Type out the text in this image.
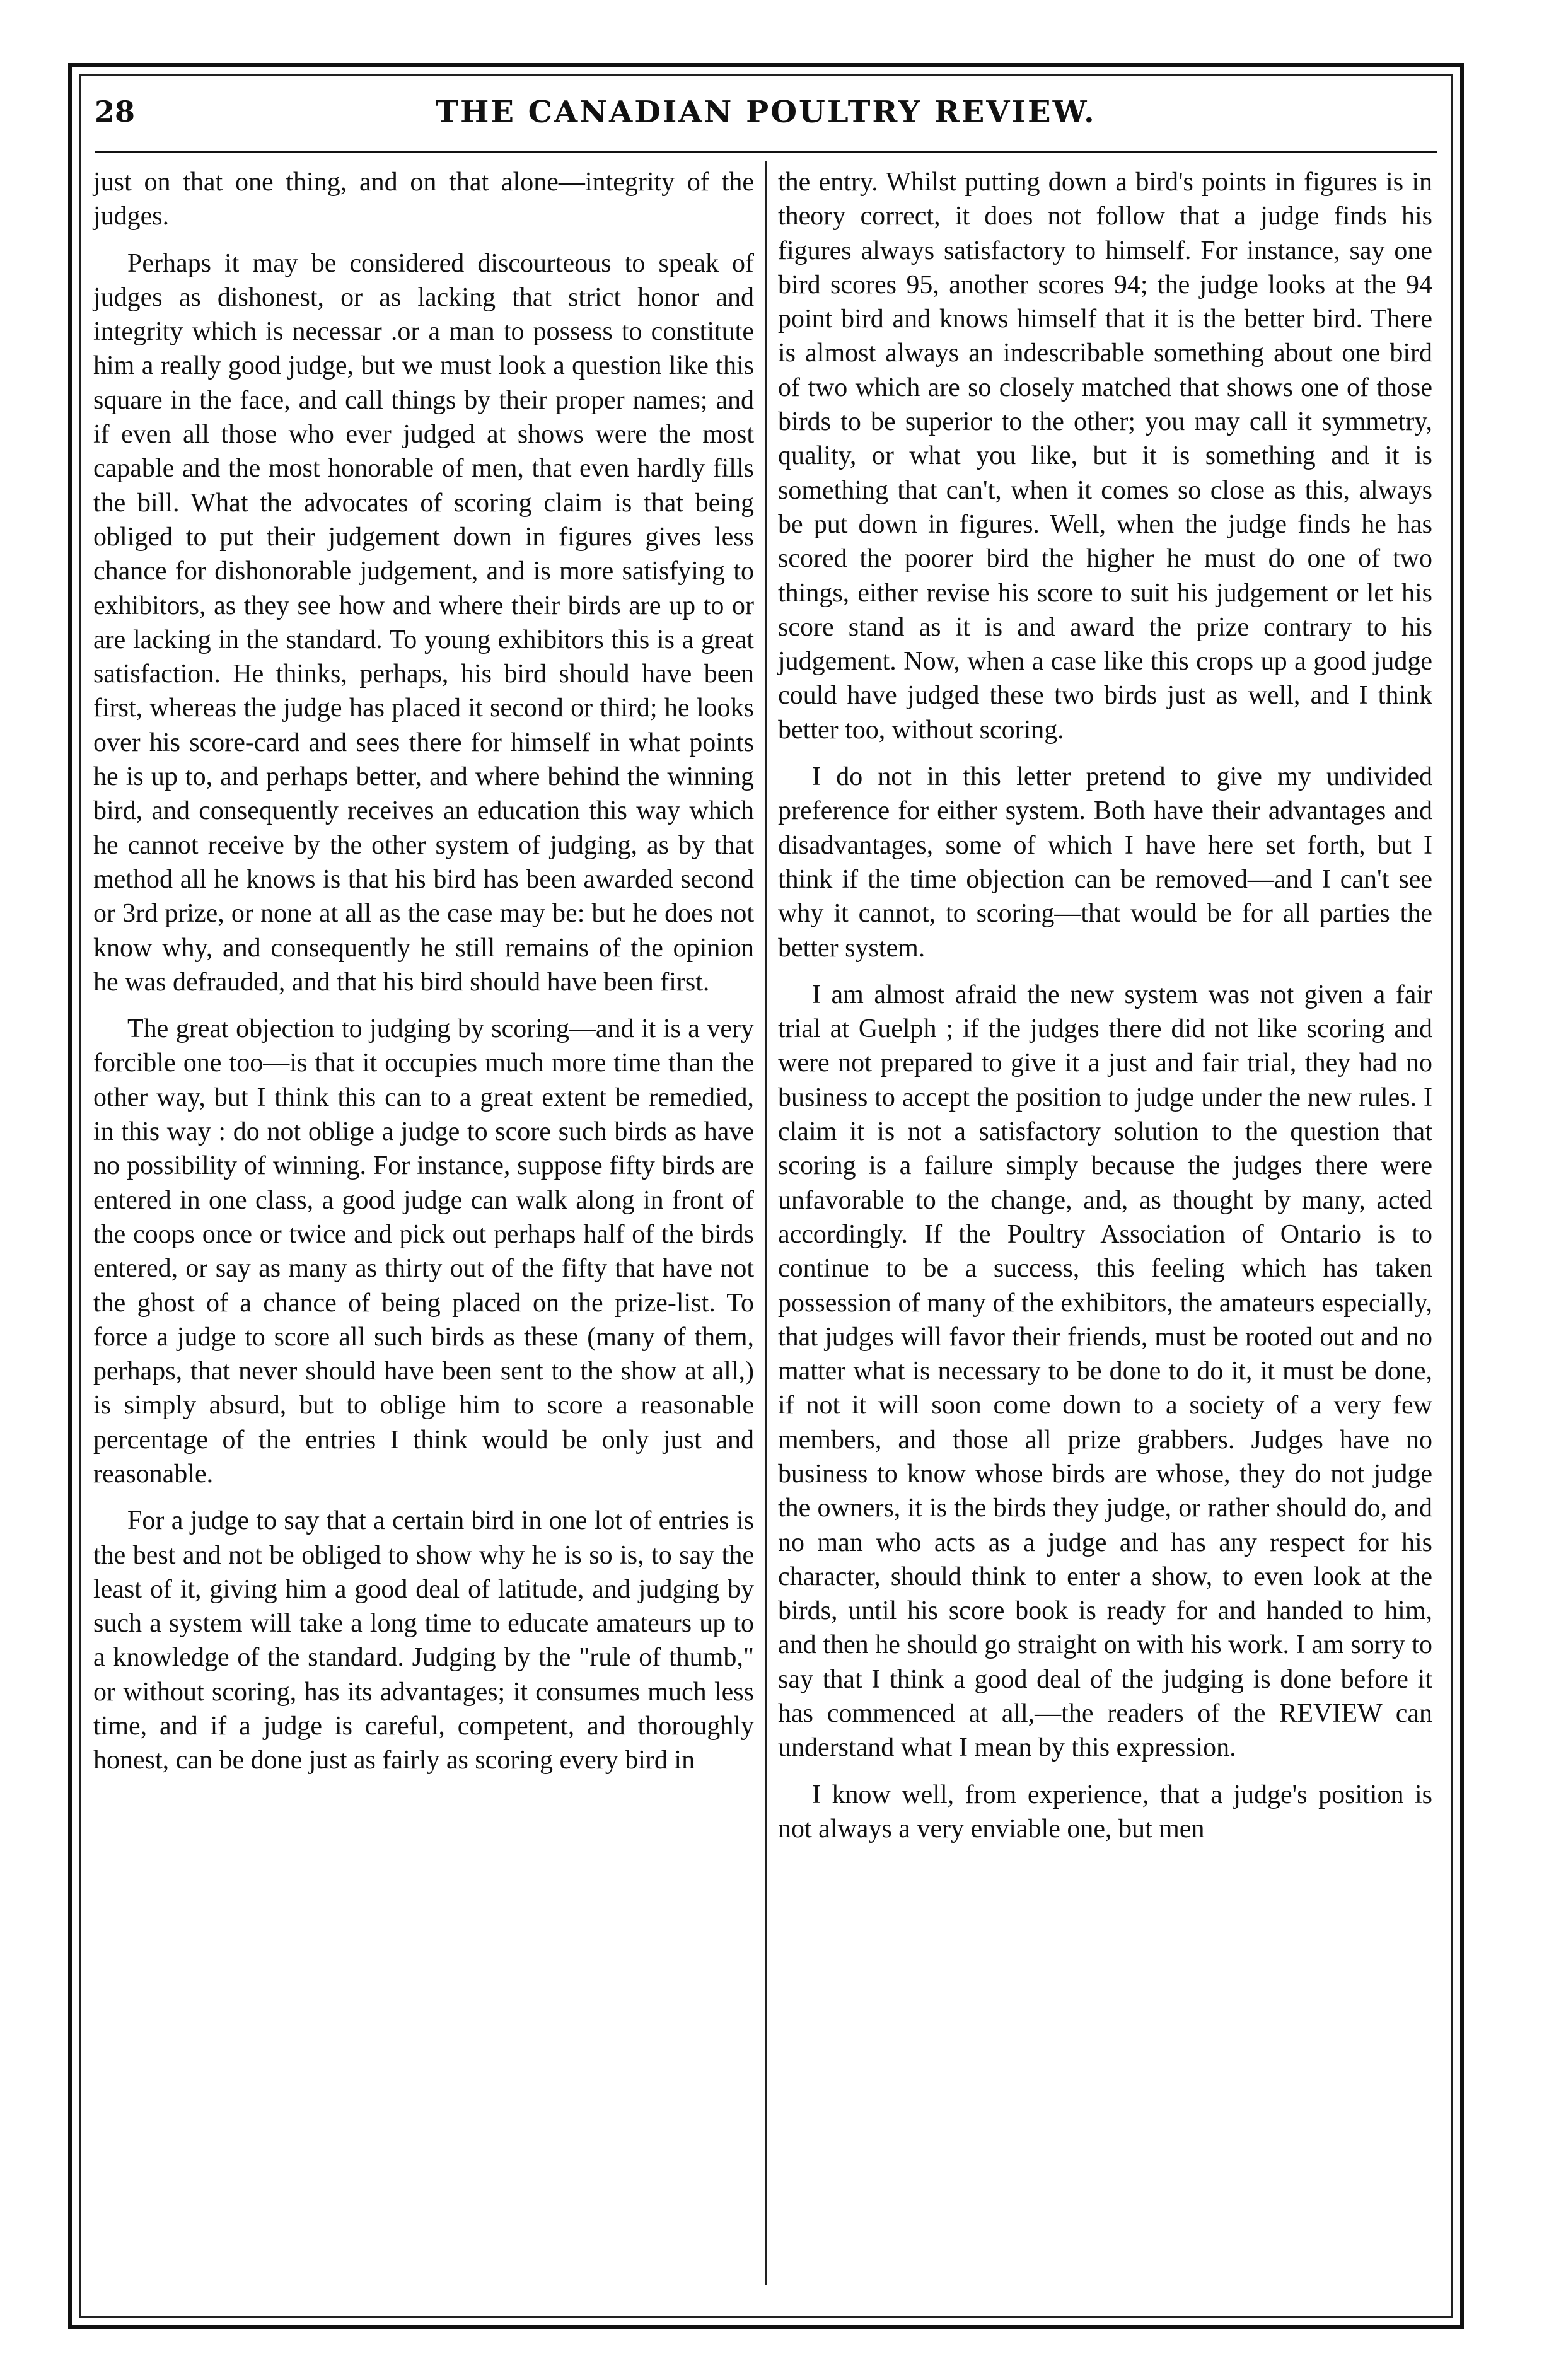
28	THE CANADIAN POULTRY REVIEW.

just on that one thing, and on that alone—integrity of the judges.

Perhaps it may be considered discourteous to speak of judges as dishonest, or as lacking that strict honor and integrity which is necessar .or a man to possess to constitute him a really good judge, but we must look a question like this square in the face, and call things by their proper names; and if even all those who ever judged at shows were the most capable and the most honorable of men, that even hardly fills the bill. What the advocates of scoring claim is that being obliged to put their judgement down in figures gives less chance for dishonorable judgement, and is more satisfying to exhibitors, as they see how and where their birds are up to or are lacking in the standard. To young exhibitors this is a great satisfaction. He thinks, perhaps, his bird should have been first, whereas the judge has placed it second or third; he looks over his score-card and sees there for himself in what points he is up to, and perhaps better, and where behind the winning bird, and consequently receives an education this way which he cannot receive by the other system of judging, as by that method all he knows is that his bird has been awarded second or 3rd prize, or none at all as the case may be: but he does not know why, and consequently he still remains of the opinion he was defrauded, and that his bird should have been first.

The great objection to judging by scoring—and it is a very forcible one too—is that it occupies much more time than the other way, but I think this can to a great extent be remedied, in this way : do not oblige a judge to score such birds as have no possibility of winning. For instance, suppose fifty birds are entered in one class, a good judge can walk along in front of the coops once or twice and pick out perhaps half of the birds entered, or say as many as thirty out of the fifty that have not the ghost of a chance of being placed on the prize-list. To force a judge to score all such birds as these (many of them, perhaps, that never should have been sent to the show at all,) is simply absurd, but to oblige him to score a reasonable percentage of the entries I think would be only just and reasonable.

For a judge to say that a certain bird in one lot of entries is the best and not be obliged to show why he is so is, to say the least of it, giving him a good deal of latitude, and judging by such a system will take a long time to educate amateurs up to a knowledge of the standard. Judging by the "rule of thumb," or without scoring, has its advantages; it consumes much less time, and if a judge is careful, competent, and thoroughly honest, can be done just as fairly as scoring every bird in

the entry. Whilst putting down a bird's points in figures is in theory correct, it does not follow that a judge finds his figures always satisfactory to himself. For instance, say one bird scores 95, another scores 94; the judge looks at the 94 point bird and knows himself that it is the better bird. There is almost always an indescribable something about one bird of two which are so closely matched that shows one of those birds to be superior to the other; you may call it symmetry, quality, or what you like, but it is something and it is something that can't, when it comes so close as this, always be put down in figures. Well, when the judge finds he has scored the poorer bird the higher he must do one of two things, either revise his score to suit his judgement or let his score stand as it is and award the prize contrary to his judgement. Now, when a case like this crops up a good judge could have judged these two birds just as well, and I think better too, without scoring.

I do not in this letter pretend to give my undivided preference for either system. Both have their advantages and disadvantages, some of which I have here set forth, but I think if the time objection can be removed—and I can't see why it cannot, to scoring—that would be for all parties the better system.

I am almost afraid the new system was not given a fair trial at Guelph ; if the judges there did not like scoring and were not prepared to give it a just and fair trial, they had no business to accept the position to judge under the new rules. I claim it is not a satisfactory solution to the question that scoring is a failure simply because the judges there were unfavorable to the change, and, as thought by many, acted accordingly. If the Poultry Association of Ontario is to continue to be a success, this feeling which has taken possession of many of the exhibitors, the amateurs especially, that judges will favor their friends, must be rooted out and no matter what is necessary to be done to do it, it must be done, if not it will soon come down to a society of a very few members, and those all prize grabbers. Judges have no business to know whose birds are whose, they do not judge the owners, it is the birds they judge, or rather should do, and no man who acts as a judge and has any respect for his character, should think to enter a show, to even look at the birds, until his score book is ready for and handed to him, and then he should go straight on with his work. I am sorry to say that I think a good deal of the judging is done before it has commenced at all,—the readers of the REVIEW can understand what I mean by this expression.

I know well, from experience, that a judge's position is not always a very enviable one, but men
